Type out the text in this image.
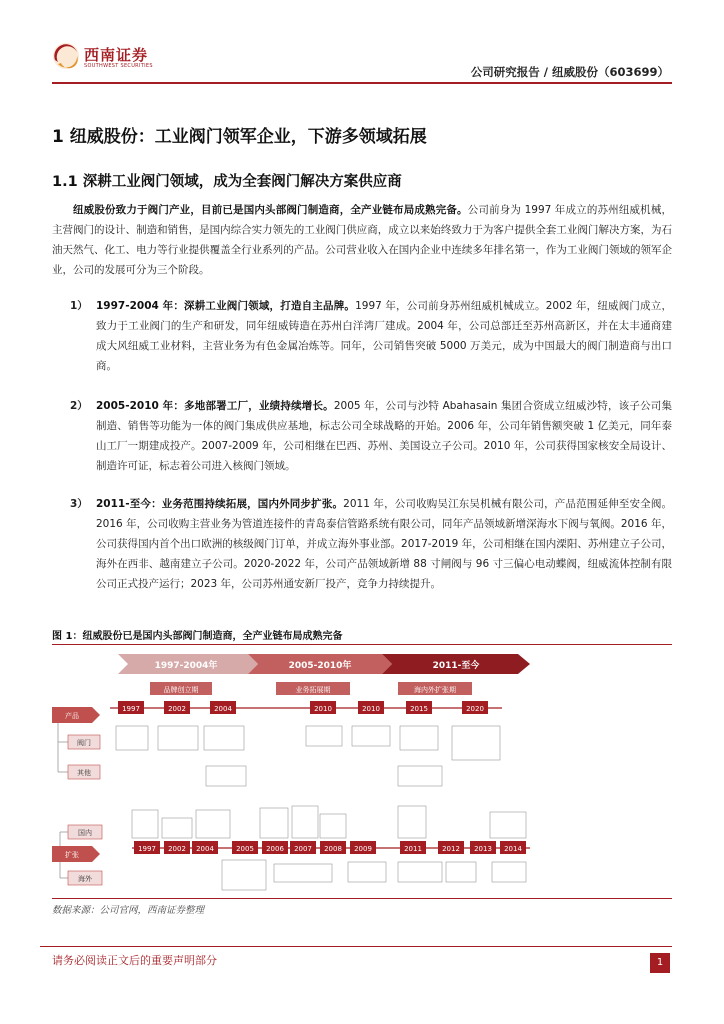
西南证券
SOUTHWEST SECURITIES	公司研究报告 / 纽威股份（603699）
1 纽威股份：工业阀门领军企业，下游多领域拓展
1.1 深耕工业阀门领域，成为全套阀门解决方案供应商
纽威股份致力于阀门产业，目前已是国内头部阀门制造商，全产业链布局成熟完备。公司前身为 1997 年成立的苏州纽威机械，主营阀门的设计、制造和销售，是国内综合实力领先的工业阀门供应商，成立以来始终致力于为客户提供全套工业阀门解决方案，为石油天然气、化工、电力等行业提供覆盖全行业系列的产品。公司营业收入在国内企业中连续多年排名第一，作为工业阀门领域的领军企业，公司的发展可分为三个阶段。
1） 1997-2004 年：深耕工业阀门领域，打造自主品牌。1997 年，公司前身苏州纽威机械成立。2002 年，纽威阀门成立，致力于工业阀门的生产和研发，同年纽威铸造在苏州白洋湾厂建成。2004 年，公司总部迁至苏州高新区，并在太丰通商建成大风纽威工业材料，主营业务为有色金属冶炼等。同年，公司销售突破 5000 万美元，成为中国最大的阀门制造商与出口商。
2） 2005-2010 年：多地部署工厂，业绩持续增长。2005 年，公司与沙特 Abahasain 集团合资成立纽威沙特，该子公司集制造、销售等功能为一体的阀门集成供应基地，标志公司全球战略的开始。2006 年，公司年销售额突破 1 亿美元，同年泰山工厂一期建成投产。2007-2009 年，公司相继在巴西、苏州、美国设立子公司。2010 年，公司获得国家核安全局设计、制造许可证，标志着公司进入核阀门领域。
3） 2011-至今：业务范围持续拓展，国内外同步扩张。2011 年，公司收购吴江东吴机械有限公司，产品范围延伸至安全阀。2016 年，公司收购主营业务为管道连接件的青岛泰信管路系统有限公司，同年产品领域新增深海水下阀与氧阀。2016 年，公司获得国内首个出口欧洲的核级阀门订单，并成立海外事业部。2017-2019 年，公司相继在国内溧阳、苏州建立子公司，海外在西非、越南建立子公司。2020-2022 年，公司产品领域新增 88 寸闸阀与 96 寸三偏心电动蝶阀，纽威流体控制有限公司正式投产运行；2023 年，公司苏州通安新厂投产，竞争力持续提升。
图 1：纽威股份已是国内头部阀门制造商，全产业链布局成熟完备
1997-2004年	2005-2010年	2011-至今
品牌创立期	业务拓展期	海内外扩张期
产品
阀门
其他
1997	2002	2004	2010	2010	2015	2020
国内
扩张
海外
1997 2002 2004	2005 2006 2007 2008 2009	2011	2012 2013 2014
数据来源：公司官网，西南证券整理
请务必阅读正文后的重要声明部分	1
